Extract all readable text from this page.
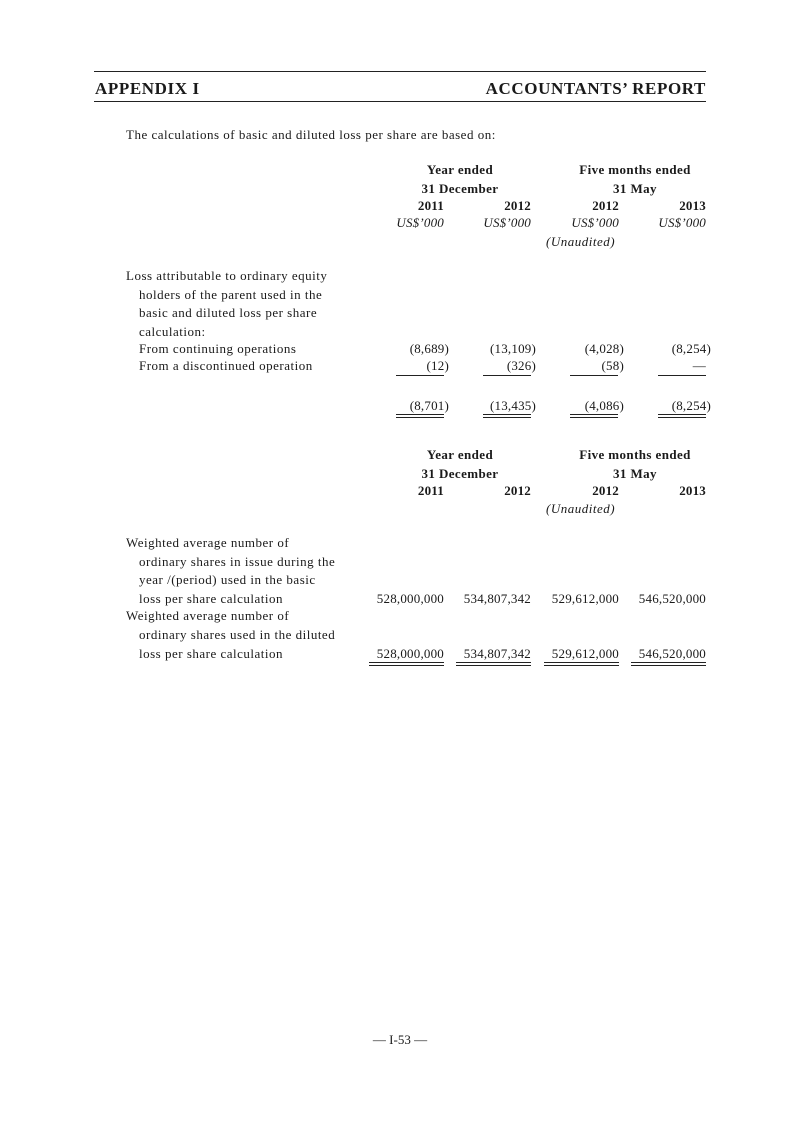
APPENDIX I	ACCOUNTANTS’ REPORT
The calculations of basic and diluted loss per share are based on:
Year ended
31 December
Five months ended
31 May
2011	2012	2012	2013
US$’000	US$’000	US$’000	US$’000
(Unaudited)
Loss attributable to ordinary equity
holders of the parent used in the
basic and diluted loss per share
calculation:
From continuing operations	(8,689)	(13,109)	(4,028)	(8,254)
From a discontinued operation	(12)	(326)	(58)	—
(8,701)	(13,435)	(4,086)	(8,254)
Year ended
31 December
Five months ended
31 May
2011	2012	2012	2013
(Unaudited)
Weighted average number of
ordinary shares in issue during the
year /(period) used in the basic
loss per share calculation	528,000,000 534,807,342 529,612,000 546,520,000
Weighted average number of
ordinary shares used in the diluted
loss per share calculation	528,000,000 534,807,342 529,612,000 546,520,000
— I-53 —
